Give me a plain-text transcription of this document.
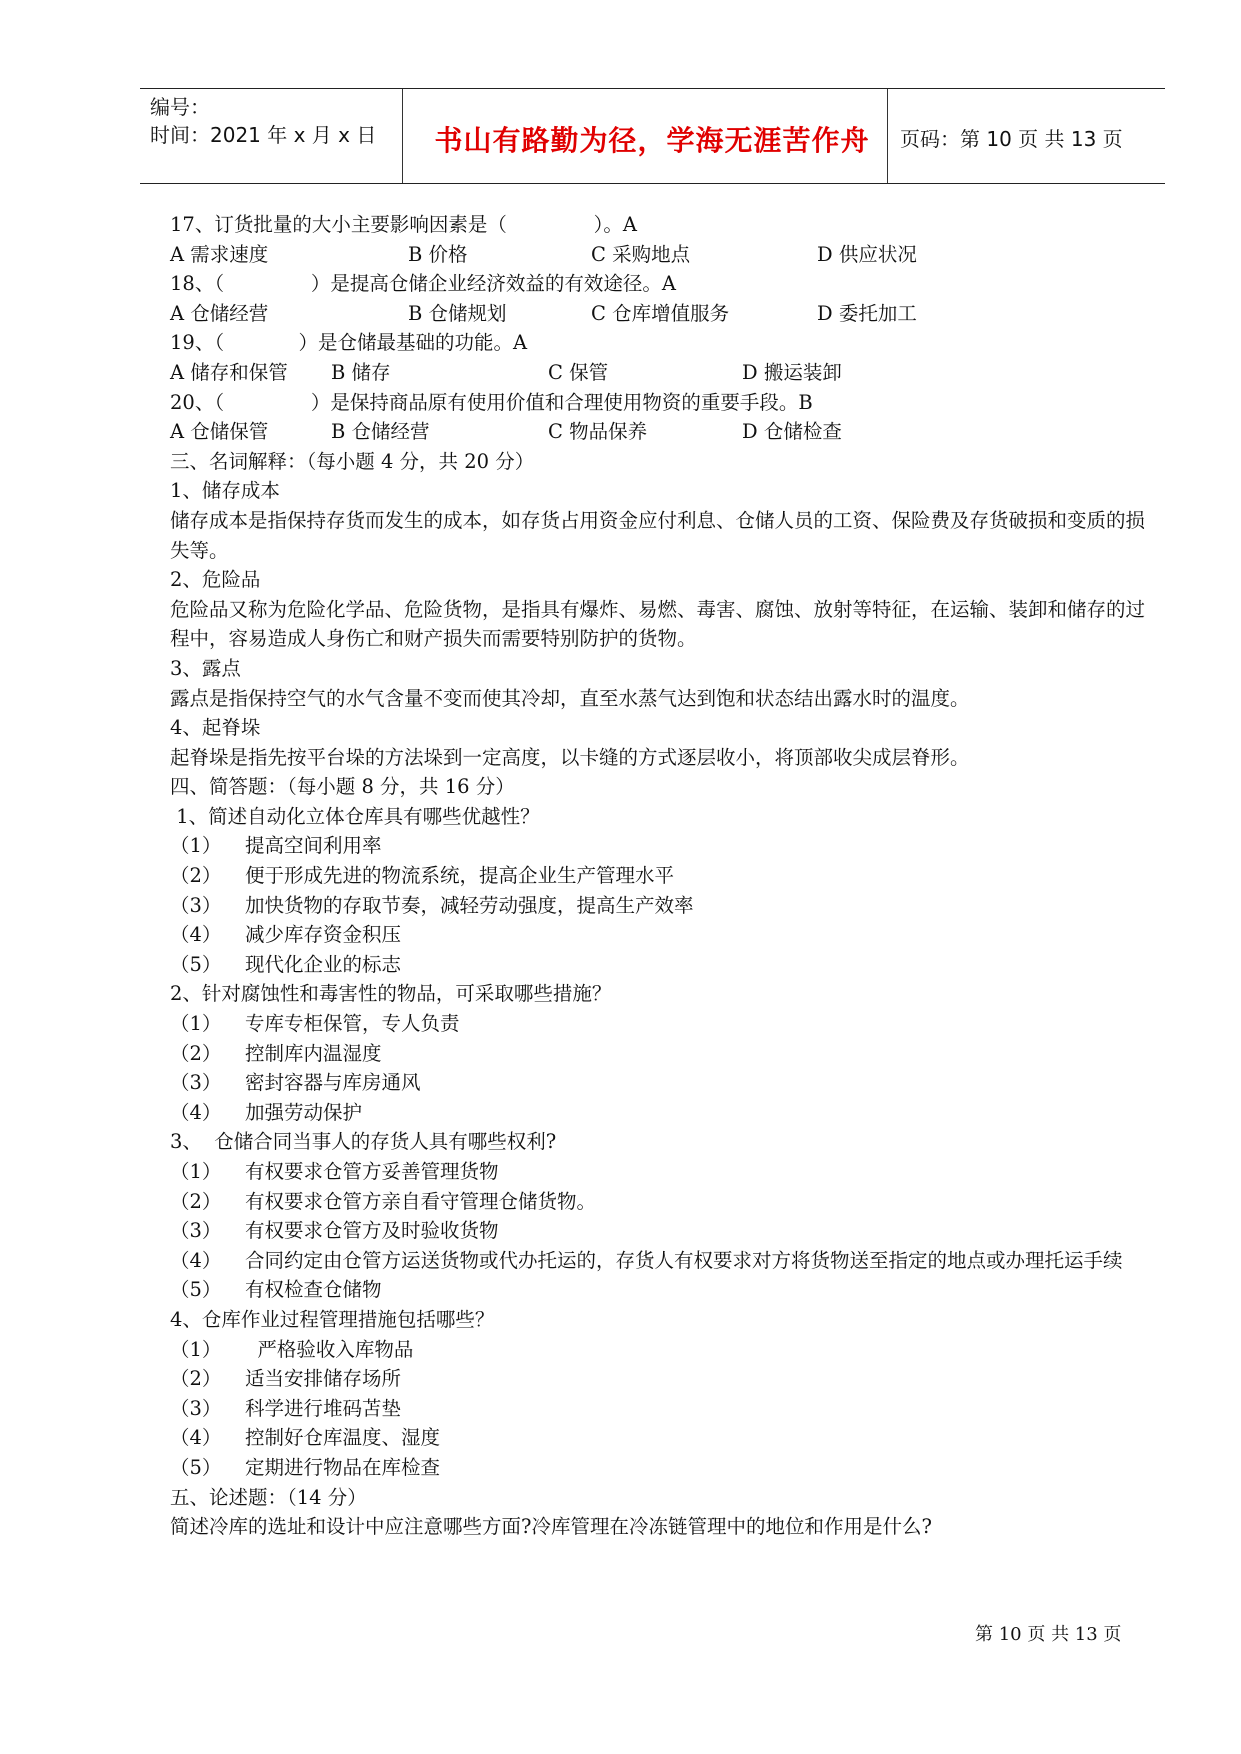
编号：
时间：2021 年 x 月 x 日	书山有路勤为径，学海无涯苦作舟	页码：第 10 页 共 13 页
17、订货批量的大小主要影响因素是（              ）。A
A 需求速度	B 价格	C 采购地点	D 供应状况
18、（              ）是提高仓储企业经济效益的有效途径。A
A 仓储经营	B 仓储规划	C 仓库增值服务	D 委托加工
19、（            ）是仓储最基础的功能。A
A 储存和保管 B 储存	C 保管	D 搬运装卸
20、（              ）是保持商品原有使用价值和合理使用物资的重要手段。B
A 仓储保管	B 仓储经营	C 物品保养	D 仓储检查
三、名词解释：（每小题 4 分，共 20 分）
1、储存成本
储存成本是指保持存货而发生的成本，如存货占用资金应付利息、仓储人员的工资、保险费及存货破损和变质的损失等。
2、危险品
危险品又称为危险化学品、危险货物，是指具有爆炸、易燃、毒害、腐蚀、放射等特征，在运输、装卸和储存的过程中，容易造成人身伤亡和财产损失而需要特别防护的货物。
3、露点
露点是指保持空气的水气含量不变而使其冷却，直至水蒸气达到饱和状态结出露水时的温度。
4、起脊垛
起脊垛是指先按平台垛的方法垛到一定高度，以卡缝的方式逐层收小，将顶部收尖成层脊形。
四、简答题：（每小题 8 分，共 16 分）
1、简述自动化立体仓库具有哪些优越性？
（1） 提高空间利用率
（2） 便于形成先进的物流系统，提高企业生产管理水平
（3） 加快货物的存取节奏，减轻劳动强度，提高生产效率
（4） 减少库存资金积压
（5） 现代化企业的标志
2、针对腐蚀性和毒害性的物品，可采取哪些措施？
（1） 专库专柜保管，专人负责
（2） 控制库内温湿度
（3） 密封容器与库房通风
（4） 加强劳动保护
3、  仓储合同当事人的存货人具有哪些权利?
（1） 有权要求仓管方妥善管理货物
（2） 有权要求仓管方亲自看守管理仓储货物。
（3） 有权要求仓管方及时验收货物
（4） 合同约定由仓管方运送货物或代办托运的，存货人有权要求对方将货物送至指定的地点或办理托运手续
（5） 有权检查仓储物
4、仓库作业过程管理措施包括哪些？
（1）  严格验收入库物品
（2） 适当安排储存场所
（3） 科学进行堆码苫垫
（4） 控制好仓库温度、湿度
（5） 定期进行物品在库检查
五、论述题：（14 分）
简述冷库的选址和设计中应注意哪些方面?冷库管理在冷冻链管理中的地位和作用是什么?
第 10 页 共 13 页
